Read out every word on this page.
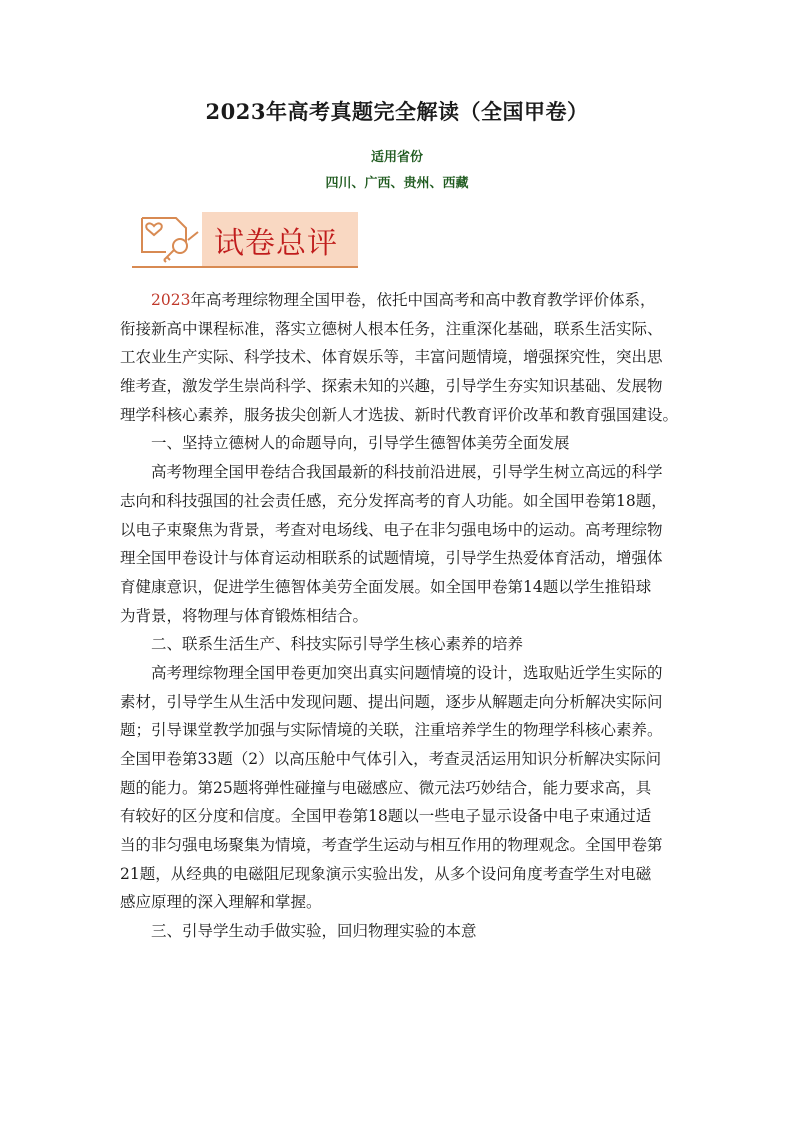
2023年高考真题完全解读（全国甲卷）
适用省份
四川、广西、贵州、西藏
试卷总评
2023年高考理综物理全国甲卷，依托中国高考和高中教育教学评价体系，
衔接新高中课程标准，落实立德树人根本任务，注重深化基础，联系生活实际、
工农业生产实际、科学技术、体育娱乐等，丰富问题情境，增强探究性，突出思
维考查，激发学生崇尚科学、探索未知的兴趣，引导学生夯实知识基础、发展物
理学科核心素养，服务拔尖创新人才选拔、新时代教育评价改革和教育强国建设。
一、坚持立德树人的命题导向，引导学生德智体美劳全面发展
高考物理全国甲卷结合我国最新的科技前沿进展，引导学生树立高远的科学
志向和科技强国的社会责任感，充分发挥高考的育人功能。如全国甲卷第18题，
以电子束聚焦为背景，考查对电场线、电子在非匀强电场中的运动。高考理综物
理全国甲卷设计与体育运动相联系的试题情境，引导学生热爱体育活动，增强体
育健康意识，促进学生德智体美劳全面发展。如全国甲卷第14题以学生推铅球
为背景，将物理与体育锻炼相结合。
二、联系生活生产、科技实际引导学生核心素养的培养
高考理综物理全国甲卷更加突出真实问题情境的设计，选取贴近学生实际的
素材，引导学生从生活中发现问题、提出问题，逐步从解题走向分析解决实际问
题；引导课堂教学加强与实际情境的关联，注重培养学生的物理学科核心素养。
全国甲卷第33题（2）以高压舱中气体引入，考查灵活运用知识分析解决实际问
题的能力。第25题将弹性碰撞与电磁感应、微元法巧妙结合，能力要求高，具
有较好的区分度和信度。全国甲卷第18题以一些电子显示设备中电子束通过适
当的非匀强电场聚集为情境，考查学生运动与相互作用的物理观念。全国甲卷第
21题，从经典的电磁阻尼现象演示实验出发，从多个设问角度考查学生对电磁
感应原理的深入理解和掌握。
三、引导学生动手做实验，回归物理实验的本意
